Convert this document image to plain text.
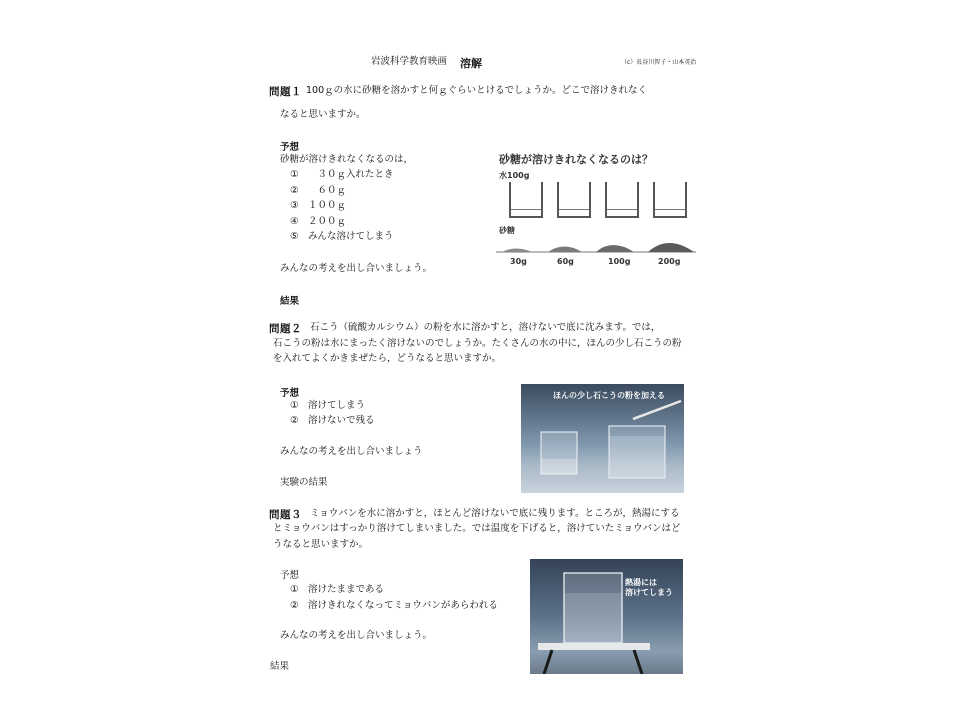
岩波科学教育映画 溶解	（c）長谷川智子・山本英治
問題１ 100ｇの水に砂糖を溶かすと何ｇぐらいとけるでしょうか。どこで溶けきれなく
なると思いますか。
予想
砂糖が溶けきれなくなるのは，
①　　３０ｇ入れたとき
②　　６０ｇ
③　 １００ｇ
④　 ２００ｇ
⑤　 みんな溶けてしまう
みんなの考えを出し合いましょう。
結果
砂糖が溶けきれなくなるのは？
水100g
砂糖
30g	60g	100g	200g
問題２ 石こう（硫酸カルシウム）の粉を水に溶かすと，溶けないで底に沈みます。では，
石こうの粉は水にまったく溶けないのでしょうか。たくさんの水の中に，ほんの少し石こうの粉
を入れてよくかきまぜたら，どうなると思いますか。
予想
①　 溶けてしまう
②　 溶けないで残る
みんなの考えを出し合いましょう
実験の結果
ほんの少し石こうの粉を加える
問題３ ミョウバンを水に溶かすと，ほとんど溶けないで底に残ります。ところが，熱湯にする
とミョウバンはすっかり溶けてしまいました。では温度を下げると，溶けていたミョウバンはど
うなると思いますか。
予想
①　 溶けたままである
②　 溶けきれなくなってミョウバンがあらわれる
みんなの考えを出し合いましょう。
結果
熱湯には
溶けてしまう
